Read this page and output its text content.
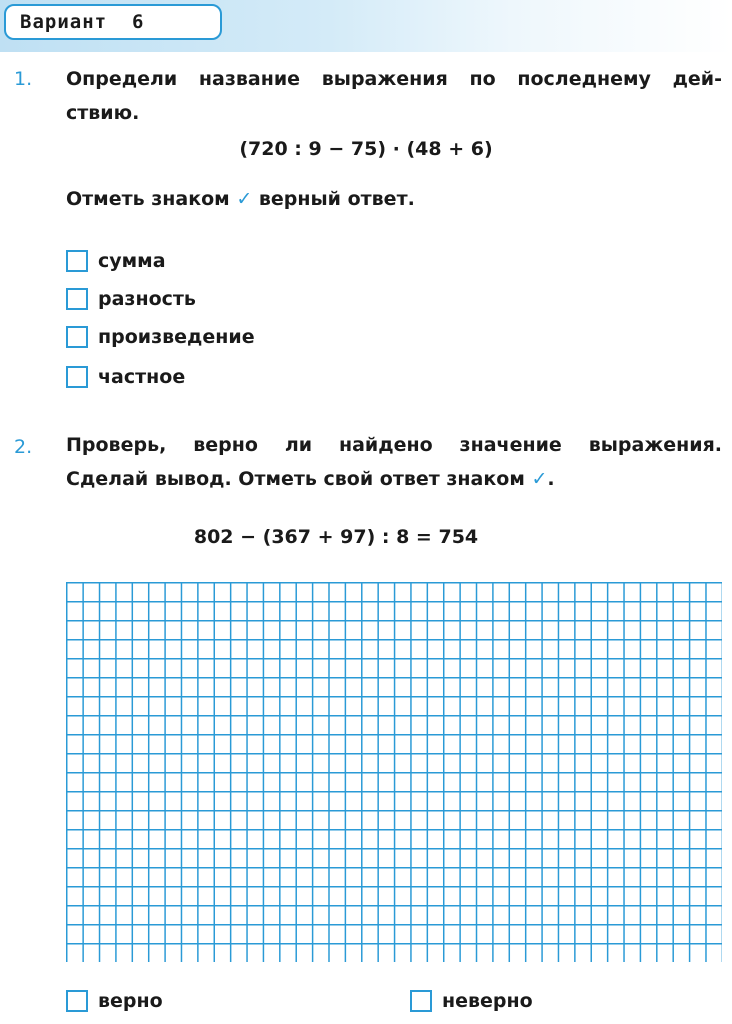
Вариант  6
1. Определи название выражения по последнему дей-
ствию.
(720 : 9 − 75) · (48 + 6)
Отметь знаком ✓ верный ответ.
сумма
разность
произведение
частное
2. Проверь, верно ли найдено значение выражения.
Сделай вывод. Отметь свой ответ знаком ✓.
802 − (367 + 97) : 8 = 754
верно	неверно
